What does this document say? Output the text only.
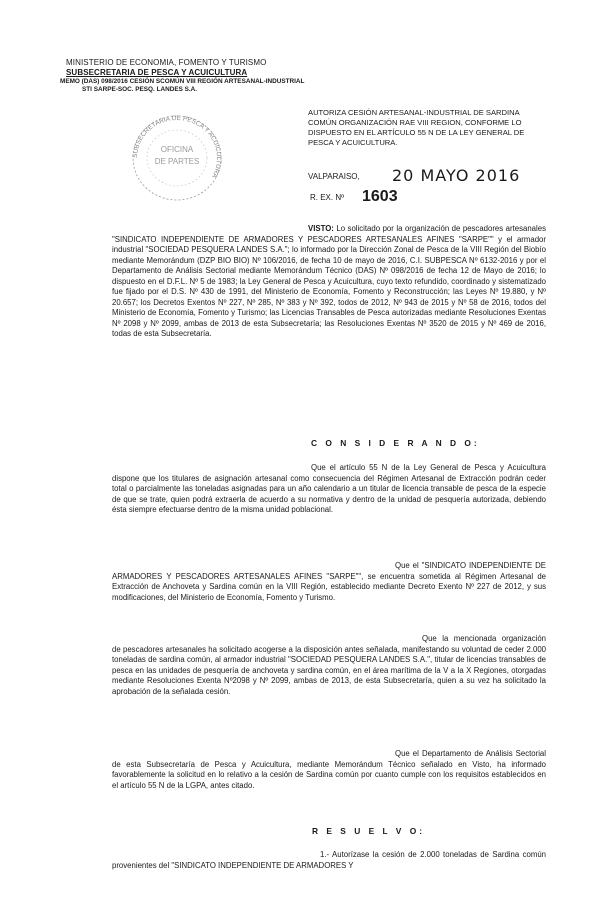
MINISTERIO DE ECONOMIA, FOMENTO Y TURISMO
SUBSECRETARIA DE PESCA Y ACUICULTURA
MEMO (DAS) 098/2016 CESIÓN SCOMÚN VIII REGIÓN ARTESANAL-INDUSTRIAL
STI SARPE-SOC. PESQ. LANDES S.A.
SUBSECRETARIA DE PESCA Y ACUICULTURA
OFICINA
DE PARTES
AUTORIZA CESIÓN ARTESANAL-INDUSTRIAL DE SARDINA COMÚN ORGANIZACIÓN RAE VIII REGION, CONFORME LO DISPUESTO EN EL ARTÍCULO 55 N DE LA LEY GENERAL DE PESCA Y ACUICULTURA.
VALPARAISO, 20 MAYO 2016
R. EX. Nº 1603
VISTO: Lo solicitado por la organización de pescadores artesanales "SINDICATO INDEPENDIENTE DE ARMADORES Y PESCADORES ARTESANALES AFINES "SARPE"" y el armador industrial "SOCIEDAD PESQUERA LANDES S.A."; lo informado por la Dirección Zonal de Pesca de la VIII Región del Biobío mediante Memorándum (DZP BIO BIO) Nº 106/2016, de fecha 10 de mayo de 2016, C.I. SUBPESCA Nº 6132-2016 y por el Departamento de Análisis Sectorial mediante Memorándum Técnico (DAS) Nº 098/2016 de fecha 12 de Mayo de 2016; lo dispuesto en el D.F.L. Nº 5 de 1983; la Ley General de Pesca y Acuicultura, cuyo texto refundido, coordinado y sistematizado fue fijado por el D.S. Nº 430 de 1991, del Ministerio de Economía, Fomento y Reconstrucción; las Leyes Nº 19.880, y Nº 20.657; los Decretos Exentos Nº 227, Nº 285, Nº 383 y Nº 392, todos de 2012, Nº 943 de 2015 y Nº 58 de 2016, todos del Ministerio de Economía, Fomento y Turismo; las Licencias Transables de Pesca autorizadas mediante Resoluciones Exentas Nº 2098 y Nº 2099, ambas de 2013 de esta Subsecretaría; las Resoluciones Exentas Nº 3520 de 2015 y Nº 469 de 2016, todas de esta Subsecretaría.
C O N S I D E R A N D O:
Que el artículo 55 N de la Ley General de Pesca y Acuicultura dispone que los titulares de asignación artesanal como consecuencia del Régimen Artesanal de Extracción podrán ceder total o parcialmente las toneladas asignadas para un año calendario a un titular de licencia transable de pesca de la especie de que se trate, quien podrá extraerla de acuerdo a su normativa y dentro de la unidad de pesquería autorizada, debiendo ésta siempre efectuarse dentro de la misma unidad poblacional.
Que el "SINDICATO INDEPENDIENTE DE ARMADORES Y PESCADORES ARTESANALES AFINES "SARPE"", se encuentra sometida al Régimen Artesanal de Extracción de Anchoveta y Sardina común en la VIII Región, establecido mediante Decreto Exento Nº 227 de 2012, y sus modificaciones, del Ministerio de Economía, Fomento y Turismo.
Que la mencionada organización de pescadores artesanales ha solicitado acogerse a la disposición antes señalada, manifestando su voluntad de ceder 2.000 toneladas de sardina común, al armador industrial "SOCIEDAD PESQUERA LANDES S.A.", titular de licencias transables de pesca en las unidades de pesquería de anchoveta y sardina común, en el área marítima de la V a la X Regiones, otorgadas mediante Resoluciones Exenta Nº2098 y Nº 2099, ambas de 2013, de esta Subsecretaría, quien a su vez ha solicitado la aprobación de la señalada cesión.
Que el Departamento de Análisis Sectorial de esta Subsecretaría de Pesca y Acuicultura, mediante Memorándum Técnico señalado en Visto, ha informado favorablemente la solicitud en lo relativo a la cesión de Sardina común por cuanto cumple con los requisitos establecidos en el artículo 55 N de la LGPA, antes citado.
R E S U E L V O:
1.- Autorízase la cesión de 2.000 toneladas de Sardina común provenientes del "SINDICATO INDEPENDIENTE DE ARMADORES Y
